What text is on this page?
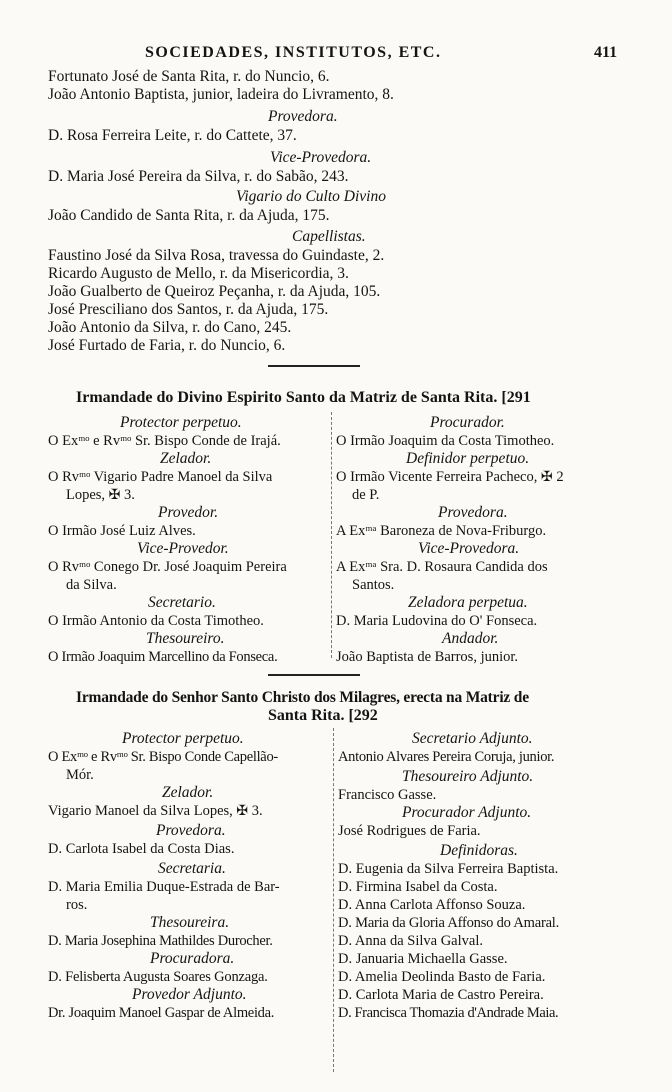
SOCIEDADES, INSTITUTOS, ETC.	411
Fortunato José de Santa Rita, r. do Nuncio, 6.
João Antonio Baptista, junior, ladeira do Livramento, 8.
Provedora.
D. Rosa Ferreira Leite, r. do Cattete, 37.
Vice-Provedora.
D. Maria José Pereira da Silva, r. do Sabão, 243.
Vigario do Culto Divino
João Candido de Santa Rita, r. da Ajuda, 175.
Capellistas.
Faustino José da Silva Rosa, travessa do Guindaste, 2.
Ricardo Augusto de Mello, r. da Misericordia, 3.
João Gualberto de Queiroz Peçanha, r. da Ajuda, 105.
José Presciliano dos Santos, r. da Ajuda, 175.
João Antonio da Silva, r. do Cano, 245.
José Furtado de Faria, r. do Nuncio, 6.
Irmandade do Divino Espirito Santo da Matriz de Santa Rita. [291
Protector perpetuo.
O Exᵐᵒ e Rvᵐᵒ Sr. Bispo Conde de Irajá.
Zelador.
O Rvᵐᵒ Vigario Padre Manoel da Silva
Lopes, ✠ 3.
Provedor.
O Irmão José Luiz Alves.
Vice-Provedor.
O Rvᵐᵒ Conego Dr. José Joaquim Pereira
da Silva.
Secretario.
O Irmão Antonio da Costa Timotheo.
Thesoureiro.
O Irmão Joaquim Marcellino da Fonseca.
Procurador.
O Irmão Joaquim da Costa Timotheo.
Definidor perpetuo.
O Irmão Vicente Ferreira Pacheco, ✠ 2
de P.
Provedora.
A Exᵐᵃ Baroneza de Nova-Friburgo.
Vice-Provedora.
A Exᵐᵃ Sra. D. Rosaura Candida dos
Santos.
Zeladora perpetua.
D. Maria Ludovina do O' Fonseca.
Andador.
João Baptista de Barros, junior.
Irmandade do Senhor Santo Christo dos Milagres, erecta na Matriz de
Santa Rita. [292
Protector perpetuo.
O Exᵐᵒ e Rvᵐᵒ Sr. Bispo Conde Capellão-
Mór.
Zelador.
Vigario Manoel da Silva Lopes, ✠ 3.
Provedora.
D. Carlota Isabel da Costa Dias.
Secretaria.
D. Maria Emilia Duque-Estrada de Bar-
ros.
Thesoureira.
D. Maria Josephina Mathildes Durocher.
Procuradora.
D. Felisberta Augusta Soares Gonzaga.
Provedor Adjunto.
Dr. Joaquim Manoel Gaspar de Almeida.
Secretario Adjunto.
Antonio Alvares Pereira Coruja, junior.
Thesoureiro Adjunto.
Francisco Gasse.
Procurador Adjunto.
José Rodrigues de Faria.
Definidoras.
D. Eugenia da Silva Ferreira Baptista.
D. Firmina Isabel da Costa.
D. Anna Carlota Affonso Souza.
D. Maria da Gloria Affonso do Amaral.
D. Anna da Silva Galval.
D. Januaria Michaella Gasse.
D. Amelia Deolinda Basto de Faria.
D. Carlota Maria de Castro Pereira.
D. Francisca Thomazia d'Andrade Maia.
